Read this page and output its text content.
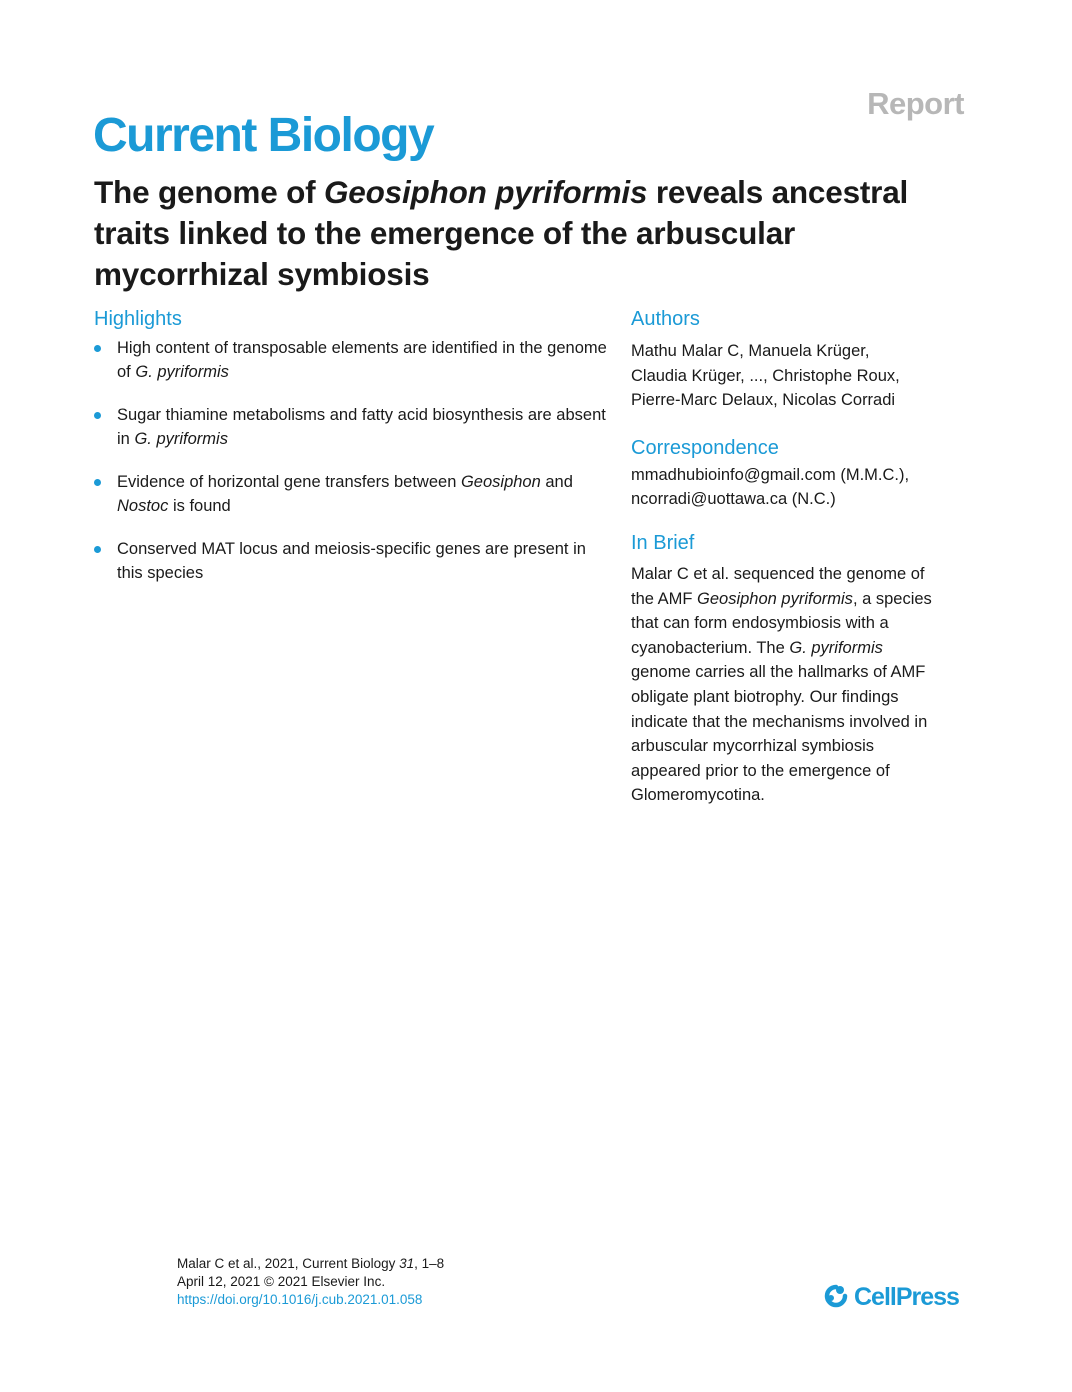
Report
Current Biology
The genome of Geosiphon pyriformis reveals ancestral traits linked to the emergence of the arbuscular mycorrhizal symbiosis
Highlights
High content of transposable elements are identified in the genome of G. pyriformis
Sugar thiamine metabolisms and fatty acid biosynthesis are absent in G. pyriformis
Evidence of horizontal gene transfers between Geosiphon and Nostoc is found
Conserved MAT locus and meiosis-specific genes are present in this species
Authors
Mathu Malar C, Manuela Krüger,
Claudia Krüger, ..., Christophe Roux,
Pierre-Marc Delaux, Nicolas Corradi
Correspondence
mmadhubioinfo@gmail.com (M.M.C.),
ncorradi@uottawa.ca (N.C.)
In Brief
Malar C et al. sequenced the genome of
the AMF Geosiphon pyriformis, a species
that can form endosymbiosis with a
cyanobacterium. The G. pyriformis
genome carries all the hallmarks of AMF
obligate plant biotrophy. Our findings
indicate that the mechanisms involved in
arbuscular mycorrhizal symbiosis
appeared prior to the emergence of
Glomeromycotina.
Malar C et al., 2021, Current Biology 31, 1–8
April 12, 2021 © 2021 Elsevier Inc.
https://doi.org/10.1016/j.cub.2021.01.058	CellPress
